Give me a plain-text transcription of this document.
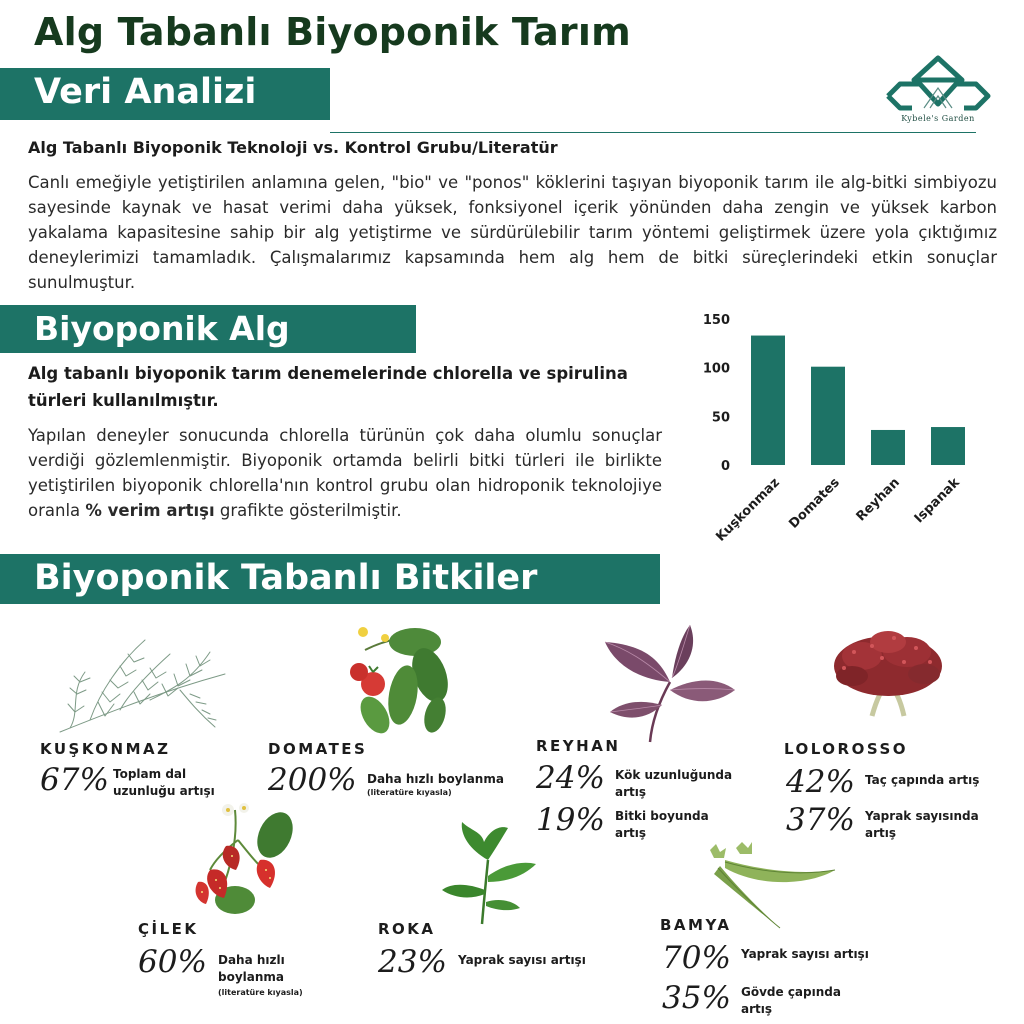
Alg Tabanlı Biyoponik Tarım
Kybele's Garden
Veri Analizi
Alg Tabanlı Biyoponik Teknoloji vs. Kontrol Grubu/Literatür
Canlı emeğiyle yetiştirilen anlamına gelen, "bio" ve "ponos" köklerini taşıyan biyoponik tarım ile alg-bitki simbiyozu sayesinde kaynak ve hasat verimi daha yüksek, fonksiyonel içerik yönünden daha zengin ve yüksek karbon yakalama kapasitesine sahip bir alg yetiştirme ve sürdürülebilir tarım yöntemi geliştirmek üzere yola çıktığımız deneylerimizi tamamladık. Çalışmalarımız kapsamında hem alg hem de bitki süreçlerindeki etkin sonuçlar sunulmuştur.
Biyoponik Alg
Alg tabanlı biyoponik tarım denemelerinde chlorella ve spirulina türleri kullanılmıştır.
Yapılan deneyler sonucunda chlorella türünün çok daha olumlu sonuçlar verdiği gözlemlenmiştir. Biyoponik ortamda belirli bitki türleri ile birlikte yetiştirilen biyoponik chlorella'nın kontrol grubu olan hidroponik teknolojiye oranla % verim artışı grafikte gösterilmiştir.
0
50
100
150
Kuşkonmaz Domates Reyhan Ispanak
Biyoponik Tabanlı Bitkiler
KUŞKONMAZ
67% Toplam dal uzunluğu artışı
DOMATES
200% Daha hızlı boylanma
(literatüre kıyasla)
REYHAN
24% Kök uzunluğunda artış
19% Bitki boyunda artış
LOLOROSSO
42% Taç çapında artış
37% Yaprak sayısında artış
ÇİLEK
60% Daha hızlı boylanma
(literatüre kıyasla)
ROKA
23% Yaprak sayısı artışı
BAMYA
70% Yaprak sayısı artışı
35% Gövde çapında artış
